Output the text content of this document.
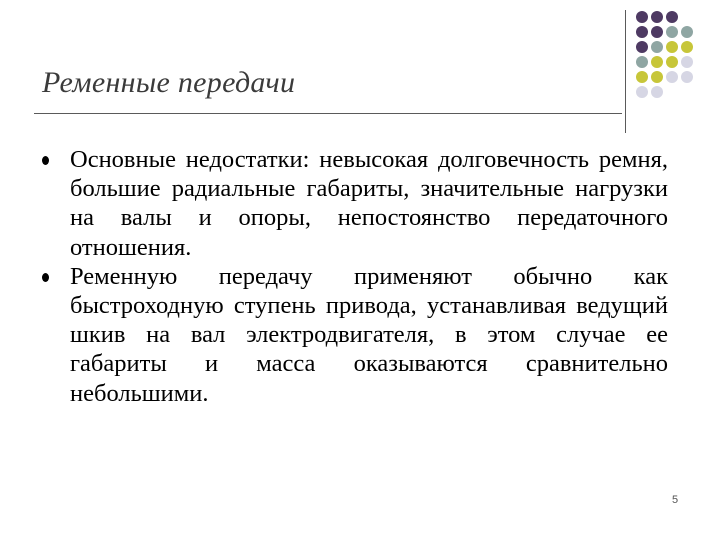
Ременные передачи
Основные недостатки: невысокая долговечность ремня, большие радиальные габариты, значительные нагрузки на валы и опоры, непостоянство передаточного отношения.
Ременную передачу применяют обычно как быстроходную ступень привода, устанавливая ведущий шкив на вал электродвигателя, в этом случае ее габариты и масса оказываются сравнительно небольшими.
5
